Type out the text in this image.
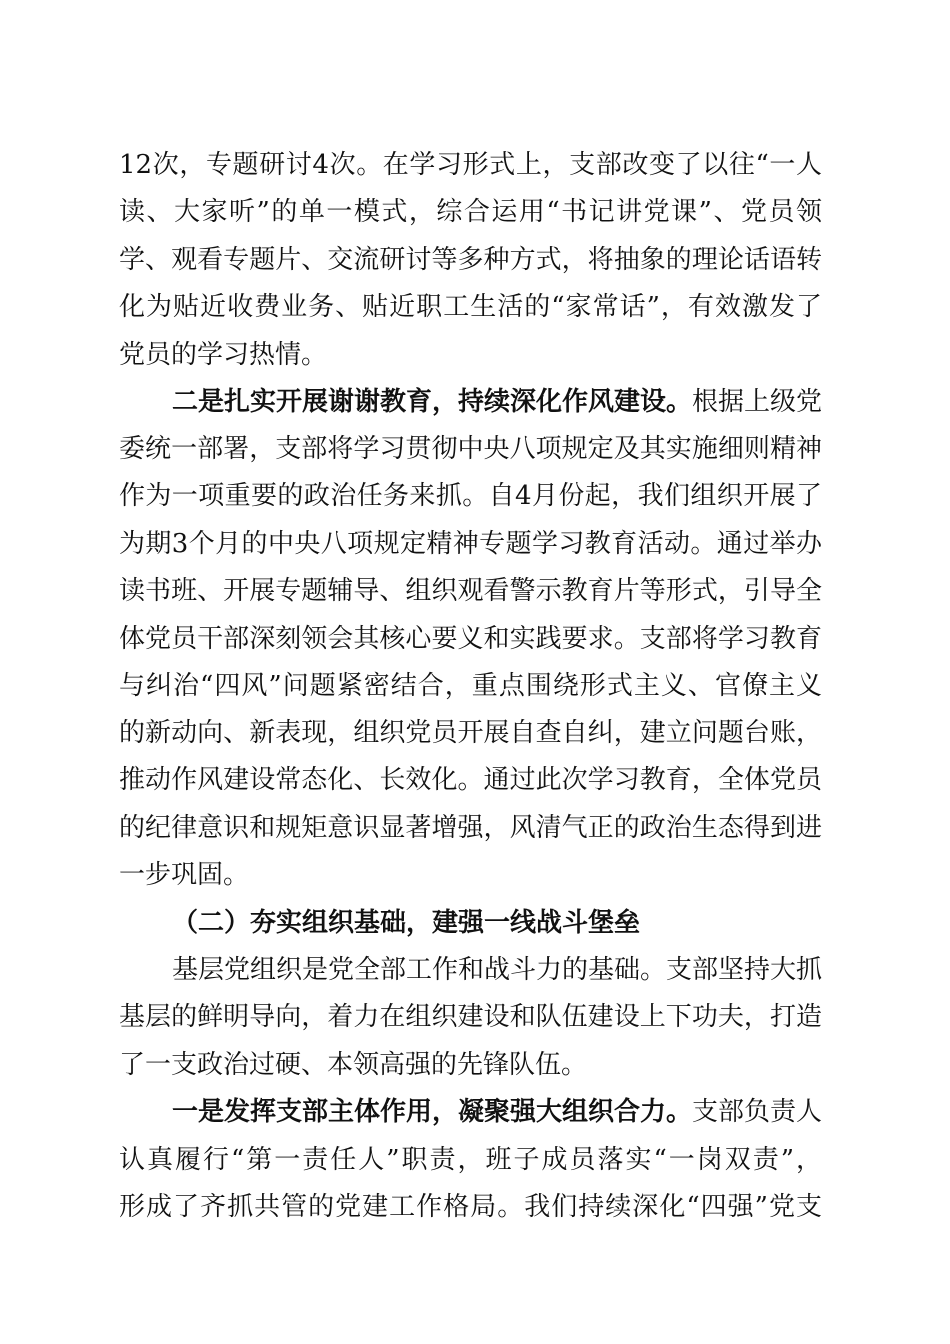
12次，专题研讨4次。在学习形式上，支部改变了以往“一人
读、大家听”的单一模式，综合运用“书记讲党课”、党员领
学、观看专题片、交流研讨等多种方式，将抽象的理论话语转
化为贴近收费业务、贴近职工生活的“家常话”，有效激发了
党员的学习热情。
二是扎实开展谢谢教育，持续深化作风建设。根据上级党
委统一部署，支部将学习贯彻中央八项规定及其实施细则精神
作为一项重要的政治任务来抓。自4月份起，我们组织开展了
为期3个月的中央八项规定精神专题学习教育活动。通过举办
读书班、开展专题辅导、组织观看警示教育片等形式，引导全
体党员干部深刻领会其核心要义和实践要求。支部将学习教育
与纠治“四风”问题紧密结合，重点围绕形式主义、官僚主义
的新动向、新表现，组织党员开展自查自纠，建立问题台账，
推动作风建设常态化、长效化。通过此次学习教育，全体党员
的纪律意识和规矩意识显著增强，风清气正的政治生态得到进
一步巩固。
（二）夯实组织基础，建强一线战斗堡垒
基层党组织是党全部工作和战斗力的基础。支部坚持大抓
基层的鲜明导向，着力在组织建设和队伍建设上下功夫，打造
了一支政治过硬、本领高强的先锋队伍。
一是发挥支部主体作用，凝聚强大组织合力。支部负责人
认真履行“第一责任人”职责，班子成员落实“一岗双责”，
形成了齐抓共管的党建工作格局。我们持续深化“四强”党支
